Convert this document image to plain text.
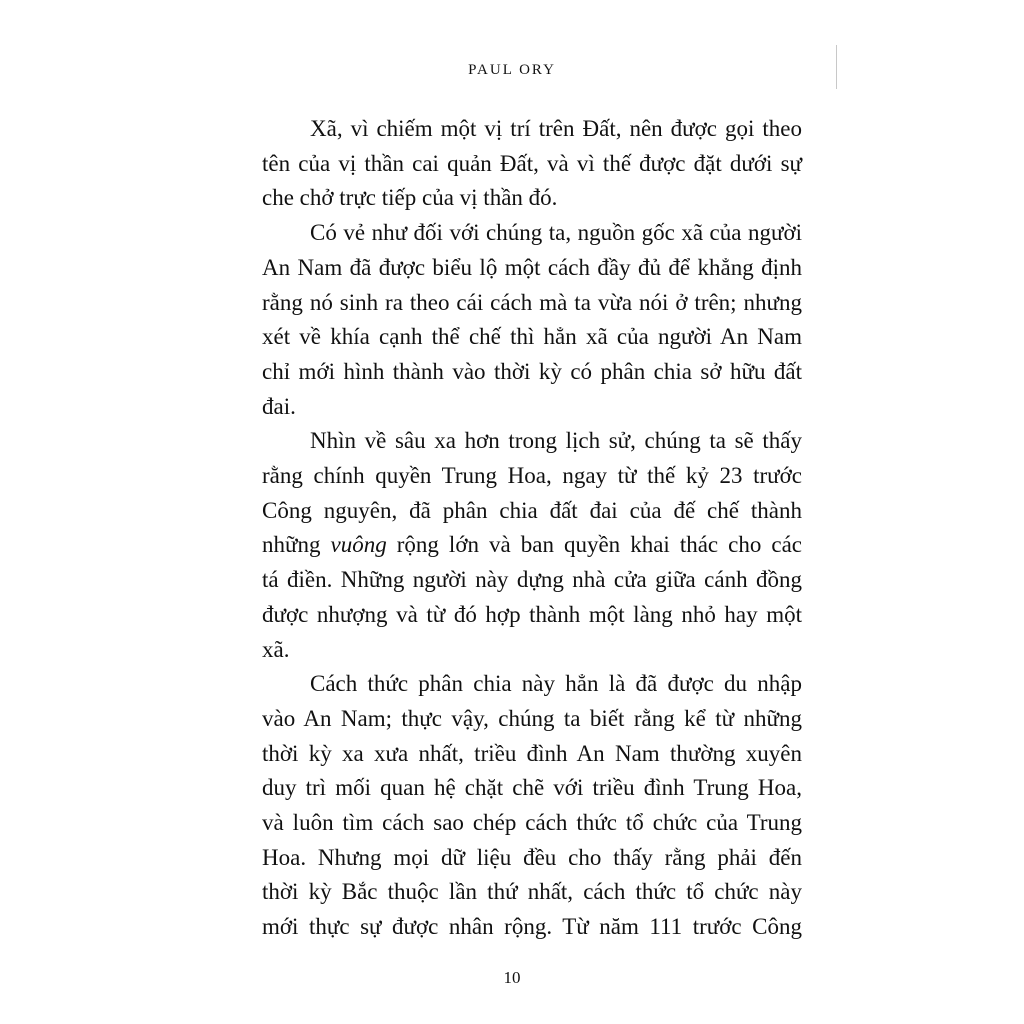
PAUL ORY
Xã, vì chiếm một vị trí trên Đất, nên được gọi theo
tên của vị thần cai quản Đất, và vì thế được đặt dưới sự
che chở trực tiếp của vị thần đó.
Có vẻ như đối với chúng ta, nguồn gốc xã của người
An Nam đã được biểu lộ một cách đầy đủ để khẳng định
rằng nó sinh ra theo cái cách mà ta vừa nói ở trên; nhưng
xét về khía cạnh thể chế thì hẳn xã của người An Nam
chỉ mới hình thành vào thời kỳ có phân chia sở hữu đất
đai.
Nhìn về sâu xa hơn trong lịch sử, chúng ta sẽ thấy
rằng chính quyền Trung Hoa, ngay từ thế kỷ 23 trước
Công nguyên, đã phân chia đất đai của đế chế thành
những vuông rộng lớn và ban quyền khai thác cho các
tá điền. Những người này dựng nhà cửa giữa cánh đồng
được nhượng và từ đó hợp thành một làng nhỏ hay một
xã.
Cách thức phân chia này hẳn là đã được du nhập
vào An Nam; thực vậy, chúng ta biết rằng kể từ những
thời kỳ xa xưa nhất, triều đình An Nam thường xuyên
duy trì mối quan hệ chặt chẽ với triều đình Trung Hoa,
và luôn tìm cách sao chép cách thức tổ chức của Trung
Hoa. Nhưng mọi dữ liệu đều cho thấy rằng phải đến
thời kỳ Bắc thuộc lần thứ nhất, cách thức tổ chức này
mới thực sự được nhân rộng. Từ năm 111 trước Công
10
